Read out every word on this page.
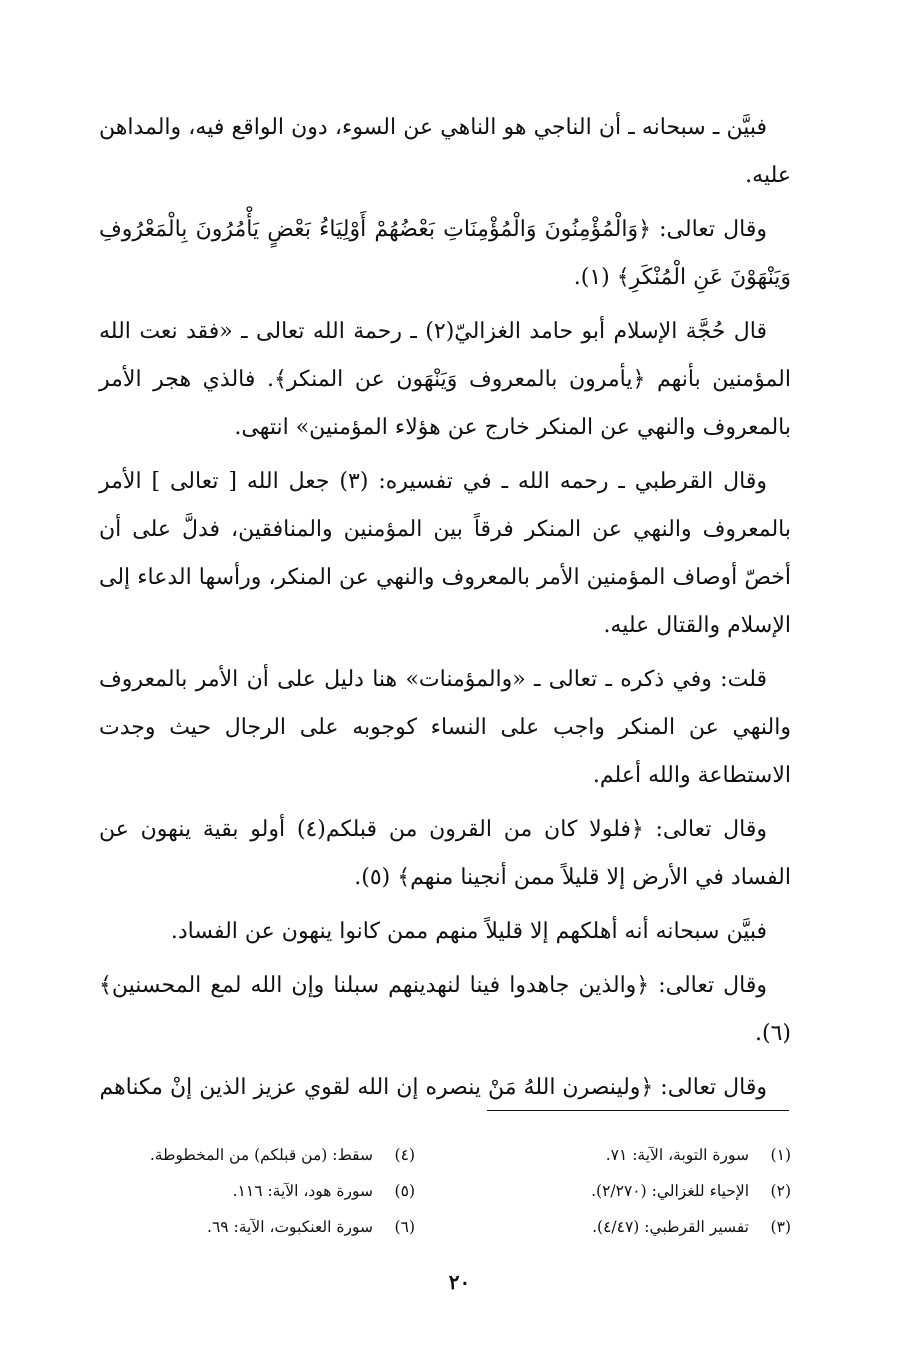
فبيَّن ـ سبحانه ـ أن الناجي هو الناهي عن السوء، دون الواقع فيه، والمداهن عليه.

وقال تعالى: ﴿وَالْمُؤْمِنُونَ وَالْمُؤْمِنَاتِ بَعْضُهُمْ أَوْلِيَاءُ بَعْضٍ يَأْمُرُونَ بِالْمَعْرُوفِ وَيَنْهَوْنَ عَنِ الْمُنْكَرِ﴾ (١).

قال حُجَّة الإسلام أبو حامد الغزاليّ(٢) ـ رحمة الله تعالى ـ «فقد نعت الله المؤمنين بأنهم ﴿يأمرون بالمعروف وَيَنْهَون عن المنكر﴾. فالذي هجر الأمر بالمعروف والنهي عن المنكر خارج عن هؤلاء المؤمنين» انتهى.

وقال القرطبي ـ رحمه الله ـ في تفسيره: (٣) جعل الله [ تعالى ] الأمر بالمعروف والنهي عن المنكر فرقاً بين المؤمنين والمنافقين، فدلَّ على أن أخصّ أوصاف المؤمنين الأمر بالمعروف والنهي عن المنكر، ورأسها الدعاء إلى الإسلام والقتال عليه.

قلت: وفي ذكره ـ تعالى ـ «والمؤمنات» هنا دليل على أن الأمر بالمعروف والنهي عن المنكر واجب على النساء كوجوبه على الرجال حيث وجدت الاستطاعة والله أعلم.

وقال تعالى: ﴿فلولا كان من القرون من قبلكم(٤) أولو بقية ينهون عن الفساد في الأرض إلا قليلاً ممن أنجينا منهم﴾ (٥).

فبيَّن سبحانه أنه أهلكهم إلا قليلاً منهم ممن كانوا ينهون عن الفساد.

وقال تعالى: ﴿والذين جاهدوا فينا لنهدينهم سبلنا وإن الله لمع المحسنين﴾ (٦).

وقال تعالى: ﴿ولينصرن اللهُ مَنْ ينصره إن الله لقوي عزيز الذين إنْ مكناهم

(١)
سورة التوبة، الآية: ٧١.
(٢)
الإحياء للغزالي: (٢/٢٧٠).
(٣)
تفسير القرطبي: (٤/٤٧).
(٤)
سقط: (من قبلكم) من المخطوطة.
(٥)
سورة هود، الآية: ١١٦.
(٦)
سورة العنكبوت، الآية: ٦٩.
٢٠
